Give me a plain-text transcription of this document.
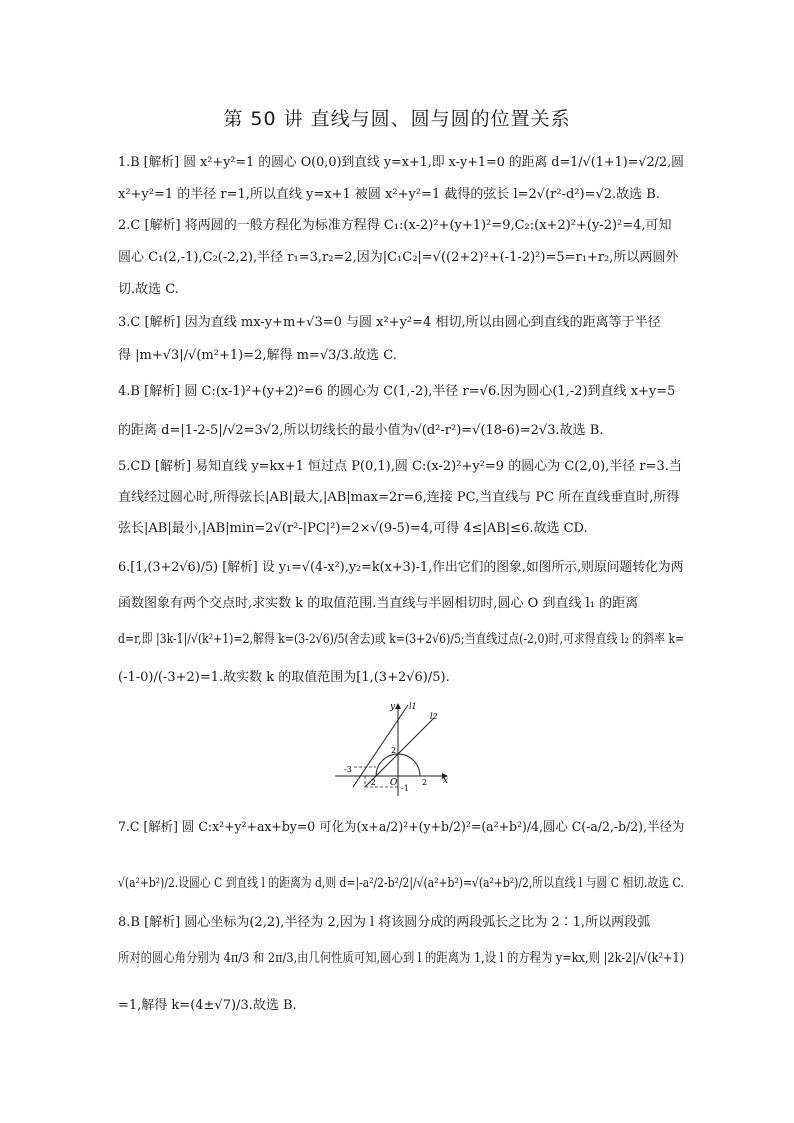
第 50 讲 直线与圆、圆与圆的位置关系
1.B [解析] 圆 x²+y²=1 的圆心 O(0,0)到直线 y=x+1,即 x-y+1=0 的距离 d=1/√(1+1)=√2/2,圆
x²+y²=1 的半径 r=1,所以直线 y=x+1 被圆 x²+y²=1 截得的弦长 l=2√(r²-d²)=√2.故选 B.
2.C [解析] 将两圆的一般方程化为标准方程得 C₁:(x-2)²+(y+1)²=9,C₂:(x+2)²+(y-2)²=4,可知
圆心 C₁(2,-1),C₂(-2,2),半径 r₁=3,r₂=2,因为|C₁C₂|=√((2+2)²+(-1-2)²)=5=r₁+r₂,所以两圆外
切.故选 C.
3.C [解析] 因为直线 mx-y+m+√3=0 与圆 x²+y²=4 相切,所以由圆心到直线的距离等于半径
得 |m+√3|/√(m²+1)=2,解得 m=√3/3.故选 C.
4.B [解析] 圆 C:(x-1)²+(y+2)²=6 的圆心为 C(1,-2),半径 r=√6.因为圆心(1,-2)到直线 x+y=5
的距离 d=|1-2-5|/√2=3√2,所以切线长的最小值为√(d²-r²)=√(18-6)=2√3.故选 B.
5.CD [解析] 易知直线 y=kx+1 恒过点 P(0,1),圆 C:(x-2)²+y²=9 的圆心为 C(2,0),半径 r=3.当
直线经过圆心时,所得弦长|AB|最大,|AB|max=2r=6,连接 PC,当直线与 PC 所在直线垂直时,所得
弦长|AB|最小,|AB|min=2√(r²-|PC|²)=2×√(9-5)=4,可得 4≤|AB|≤6.故选 CD.
6.[1,(3+2√6)/5) [解析] 设 y₁=√(4-x²),y₂=k(x+3)-1,作出它们的图象,如图所示,则原问题转化为两
函数图象有两个交点时,求实数 k 的取值范围.当直线与半圆相切时,圆心 O 到直线 l₁ 的距离
d=r,即 |3k-1|/√(k²+1)=2,解得 k=(3-2√6)/5(舍去)或 k=(3+2√6)/5;当直线过点(-2,0)时,可求得直线 l₂ 的斜率 k=
(-1-0)/(-3+2)=1.故实数 k 的取值范围为[1,(3+2√6)/5).
x
y
O
l1
l2
-3
-2	2
2
-1
7.C [解析] 圆 C:x²+y²+ax+by=0 可化为(x+a/2)²+(y+b/2)²=(a²+b²)/4,圆心 C(-a/2,-b/2),半径为
√(a²+b²)/2.设圆心 C 到直线 l 的距离为 d,则 d=|-a²/2-b²/2|/√(a²+b²)=√(a²+b²)/2,所以直线 l 与圆 C 相切.故选 C.
8.B [解析] 圆心坐标为(2,2),半径为 2,因为 l 将该圆分成的两段弧长之比为 2∶1,所以两段弧
所对的圆心角分别为 4π/3 和 2π/3,由几何性质可知,圆心到 l 的距离为 1,设 l 的方程为 y=kx,则 |2k-2|/√(k²+1)
=1,解得 k=(4±√7)/3.故选 B.
